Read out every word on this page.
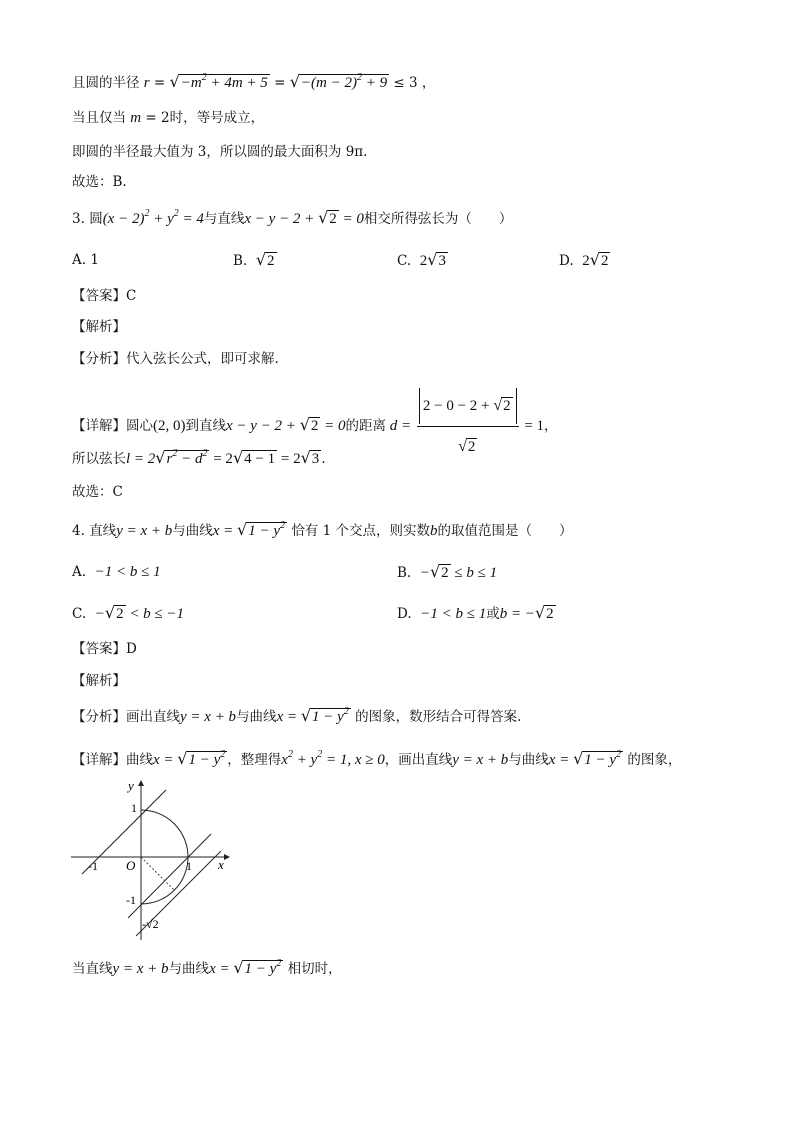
且圆的半径 $r = √-m^2 + 4m + 5 = √-(m - 2)^2 + 9 \le 3$ ，
当且仅当 m = 2时，等号成立，
即圆的半径最大值为 3，所以圆的最大面积为 9π.
故选：B.
3. 圆$(x - 2)^2 + y^2 = 4$与直线x − y − 2 + √2 = 0相交所得弦长为（　　）
A. 1	B. √2	C. 2√3	D. 2√2
【答案】C
【解析】
【分析】代入弦长公式，即可求解.
【详解】圆心(2, 0)到直线x − y − 2 + √2 = 0的距离 $d = \frac{2 - 0 - 2 + √2}{√2} = 1$，
所以弦长$l = 2√r^2 - d^2 = 2√4 - 1 = 2√3$ .
故选：C
4. 直线y = x + b与曲线$x = √1 - y^2$ 恰有 1 个交点，则实数b的取值范围是（　　）
A. −1 < b ≤ 1	B. −√2 ≤ b ≤ 1
C. −√2 < b ≤ −1	D. −1 < b ≤ 1或b = −√2
【答案】D
【解析】
【分析】画出直线y = x + b与曲线$x = √1 - y^2$ 的图象，数形结合可得答案.
【详解】曲线$x = √1 - y^2$ ，整理得$x^2 + y^2 = 1$, x ≥ 0，画出直线y = x + b与曲线$x = √1 - y^2$ 的图象，
y
x
O
1
1
-1
-1
-√2
当直线y = x + b与曲线$x = √1 - y^2$ 相切时，
